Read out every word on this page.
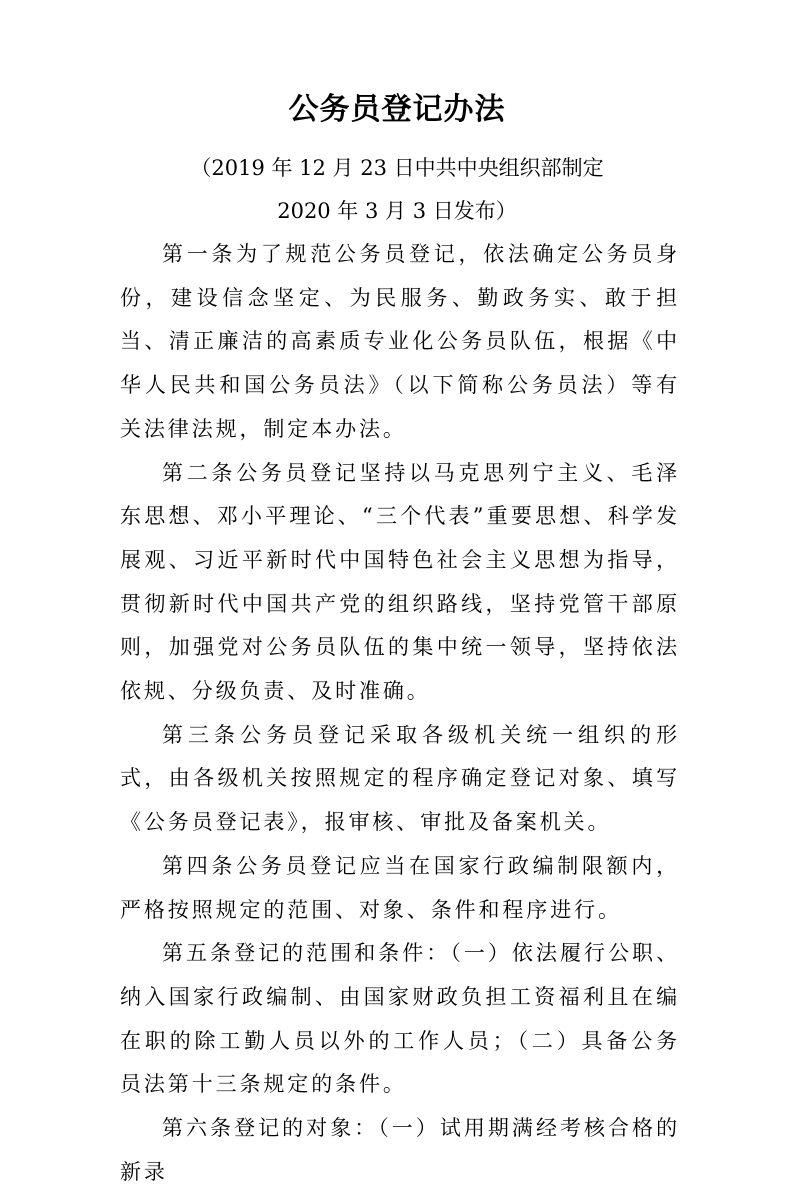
公务员登记办法
（2019 年 12 月 23 日中共中央组织部制定
2020 年 3 月 3 日发布）

第一条为了规范公务员登记，依法确定公务员身份，建设信念坚定、为民服务、勤政务实、敢于担当、清正廉洁的高素质专业化公务员队伍，根据《中华人民共和国公务员法》（以下简称公务员法）等有关法律法规，制定本办法。

第二条公务员登记坚持以马克思列宁主义、毛泽东思想、邓小平理论、“三个代表”重要思想、科学发展观、习近平新时代中国特色社会主义思想为指导，贯彻新时代中国共产党的组织路线，坚持党管干部原则，加强党对公务员队伍的集中统一领导，坚持依法依规、分级负责、及时准确。

第三条公务员登记采取各级机关统一组织的形式，由各级机关按照规定的程序确定登记对象、填写《公务员登记表》，报审核、审批及备案机关。

第四条公务员登记应当在国家行政编制限额内，严格按照规定的范围、对象、条件和程序进行。

第五条登记的范围和条件：（一）依法履行公职、纳入国家行政编制、由国家财政负担工资福利且在编在职的除工勤人员以外的工作人员；（二）具备公务员法第十三条规定的条件。

第六条登记的对象：（一）试用期满经考核合格的新录
